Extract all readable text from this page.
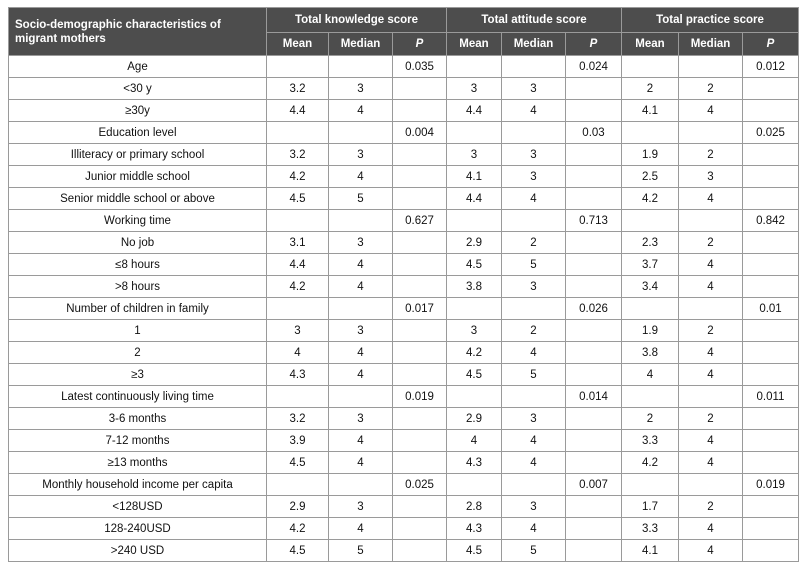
Socio-demographic characteristics of migrant mothers	Total knowledge score			Total attitude score			Total practice score		
	Mean	Median	P	Mean	Median	P	Mean	Median	P
Age			0.035			0.024			0.012
<30 y	3.2	3		3	3		2	2	
≥30y	4.4	4		4.4	4		4.1	4	
Education level			0.004			0.03			0.025
Illiteracy or primary school	3.2	3		3	3		1.9	2	
Junior middle school	4.2	4		4.1	3		2.5	3	
Senior middle school or above	4.5	5		4.4	4		4.2	4	
Working time			0.627			0.713			0.842
No job	3.1	3		2.9	2		2.3	2	
≤8 hours	4.4	4		4.5	5		3.7	4	
>8 hours	4.2	4		3.8	3		3.4	4	
Number of children in family			0.017			0.026			0.01
1	3	3		3	2		1.9	2	
2	4	4		4.2	4		3.8	4	
≥3	4.3	4		4.5	5		4	4	
Latest continuously living time			0.019			0.014			0.011
3-6 months	3.2	3		2.9	3		2	2	
7-12 months	3.9	4		4	4		3.3	4	
≥13 months	4.5	4		4.3	4		4.2	4	
Monthly household income per capita			0.025			0.007			0.019
<128USD	2.9	3		2.8	3		1.7	2	
128-240USD	4.2	4		4.3	4		3.3	4	
>240 USD	4.5	5		4.5	5		4.1	4	
